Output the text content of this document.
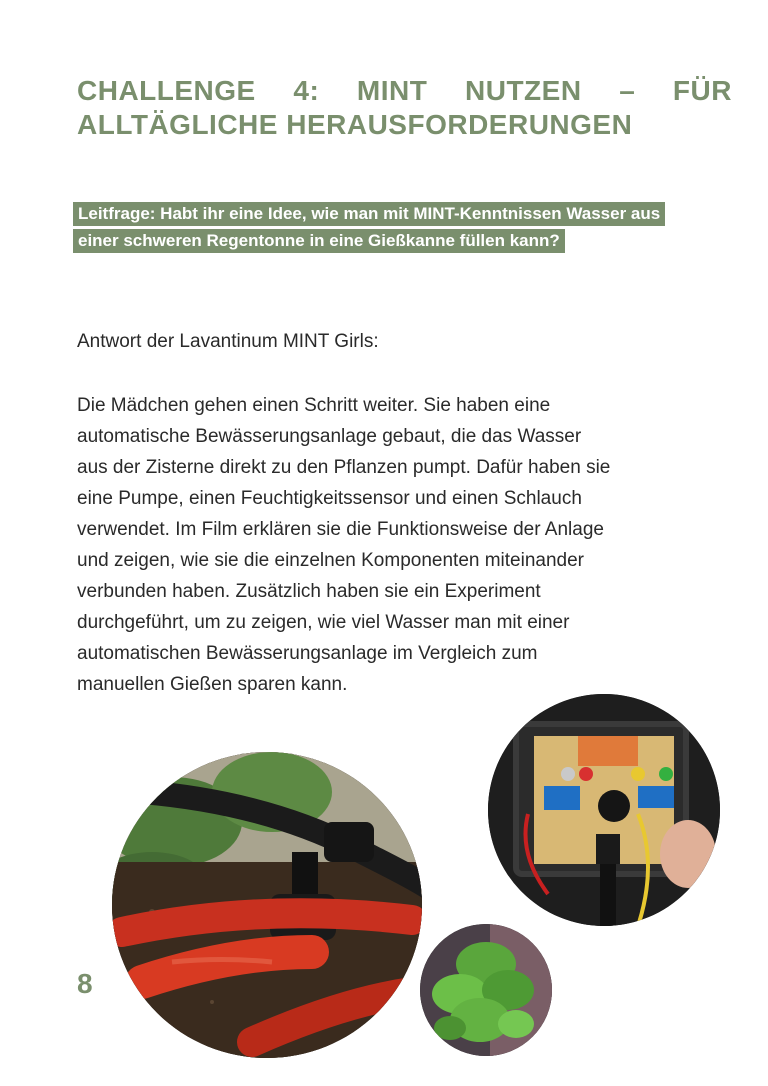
CHALLENGE 4: MINT NUTZEN – FÜR
ALLTÄGLICHE HERAUSFORDERUNGEN

Leitfrage: Habt ihr eine Idee, wie man mit MINT-Kenntnissen Wasser aus einer schweren Regentonne in eine Gießkanne füllen kann?

Antwort der Lavantinum MINT Girls:

Die Mädchen gehen einen Schritt weiter. Sie haben eine
automatische Bewässerungsanlage gebaut, die das Wasser
aus der Zisterne direkt zu den Pflanzen pumpt. Dafür haben sie
eine Pumpe, einen Feuchtigkeitssensor und einen Schlauch
verwendet. Im Film erklären sie die Funktionsweise der Anlage
und zeigen, wie sie die einzelnen Komponenten miteinander
verbunden haben. Zusätzlich haben sie ein Experiment
durchgeführt, um zu zeigen, wie viel Wasser man mit einer
automatischen Bewässerungsanlage im Vergleich zum
manuellen Gießen sparen kann.

8
